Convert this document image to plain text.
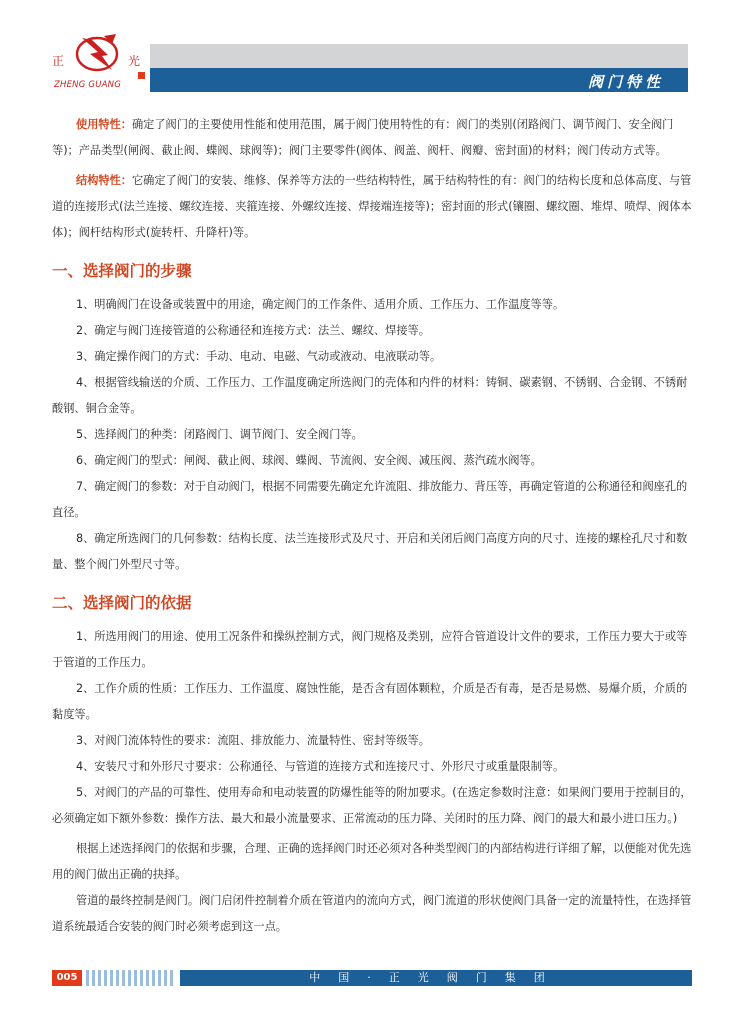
正	光
ZHENG GUANG	阀门特性

使用特性：确定了阀门的主要使用性能和使用范围，属于阀门使用特性的有：阀门的类别(闭路阀门、调节阀门、安全阀门等)；产品类型(闸阀、截止阀、蝶阀、球阀等)；阀门主要零件(阀体、阀盖、阀杆、阀瓣、密封面)的材料；阀门传动方式等。

结构特性：它确定了阀门的安装、维修、保养等方法的一些结构特性，属于结构特性的有：阀门的结构长度和总体高度、与管道的连接形式(法兰连接、螺纹连接、夹箍连接、外螺纹连接、焊接端连接等)；密封面的形式(镶圈、螺纹圈、堆焊、喷焊、阀体本体)；阀杆结构形式(旋转杆、升降杆)等。

一、选择阀门的步骤

1、明确阀门在设备或装置中的用途，确定阀门的工作条件、适用介质、工作压力、工作温度等等。

2、确定与阀门连接管道的公称通径和连接方式：法兰、螺纹、焊接等。

3、确定操作阀门的方式：手动、电动、电磁、气动或液动、电液联动等。

4、根据管线输送的介质、工作压力、工作温度确定所选阀门的壳体和内件的材料：铸铜、碳素钢、不锈钢、合金钢、不锈耐酸钢、铜合金等。

5、选择阀门的种类：闭路阀门、调节阀门、安全阀门等。

6、确定阀门的型式：闸阀、截止阀、球阀、蝶阀、节流阀、安全阀、减压阀、蒸汽疏水阀等。

7、确定阀门的参数：对于自动阀门，根据不同需要先确定允许流阻、排放能力、背压等，再确定管道的公称通径和阀座孔的直径。

8、确定所选阀门的几何参数：结构长度、法兰连接形式及尺寸、开启和关闭后阀门高度方向的尺寸、连接的螺栓孔尺寸和数量、整个阀门外型尺寸等。

二、选择阀门的依据

1、所选用阀门的用途、使用工况条件和操纵控制方式，阀门规格及类别，应符合管道设计文件的要求，工作压力要大于或等于管道的工作压力。

2、工作介质的性质：工作压力、工作温度、腐蚀性能，是否含有固体颗粒，介质是否有毒，是否是易燃、易爆介质，介质的黏度等。

3、对阀门流体特性的要求：流阻、排放能力、流量特性、密封等级等。

4、安装尺寸和外形尺寸要求：公称通径、与管道的连接方式和连接尺寸、外形尺寸或重量限制等。

5、对阀门的产品的可靠性、使用寿命和电动装置的防爆性能等的附加要求。(在选定参数时注意：如果阀门要用于控制目的，必须确定如下额外参数：操作方法、最大和最小流量要求、正常流动的压力降、关闭时的压力降、阀门的最大和最小进口压力。)

根据上述选择阀门的依据和步骤，合理、正确的选择阀门时还必须对各种类型阀门的内部结构进行详细了解，以便能对优先选用的阀门做出正确的抉择。

管道的最终控制是阀门。阀门启闭件控制着介质在管道内的流向方式，阀门流道的形状使阀门具备一定的流量特性，在选择管道系统最适合安装的阀门时必须考虑到这一点。

005	中国·正光阀门集团
